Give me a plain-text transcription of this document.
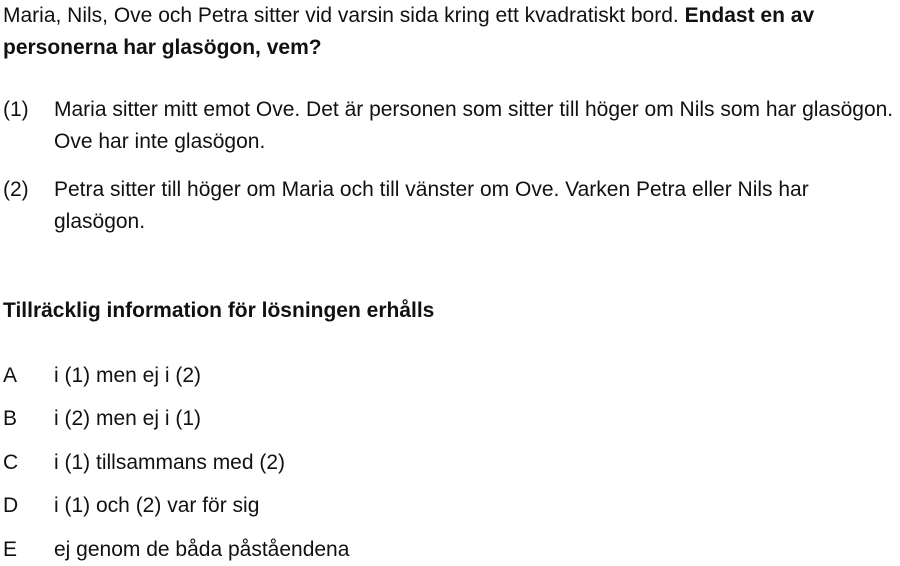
Maria, Nils, Ove och Petra sitter vid varsin sida kring ett kvadratiskt bord. Endast en av personerna har glasögon, vem?

(1)	Maria sitter mitt emot Ove. Det är personen som sitter till höger om Nils som har glasögon. Ove har inte glasögon.
(2)	Petra sitter till höger om Maria och till vänster om Ove. Varken Petra eller Nils har glasögon.

Tillräcklig information för lösningen erhålls

A	i (1) men ej i (2)
B	i (2) men ej i (1)
C	i (1) tillsammans med (2)
D	i (1) och (2) var för sig
E	ej genom de båda påståendena
